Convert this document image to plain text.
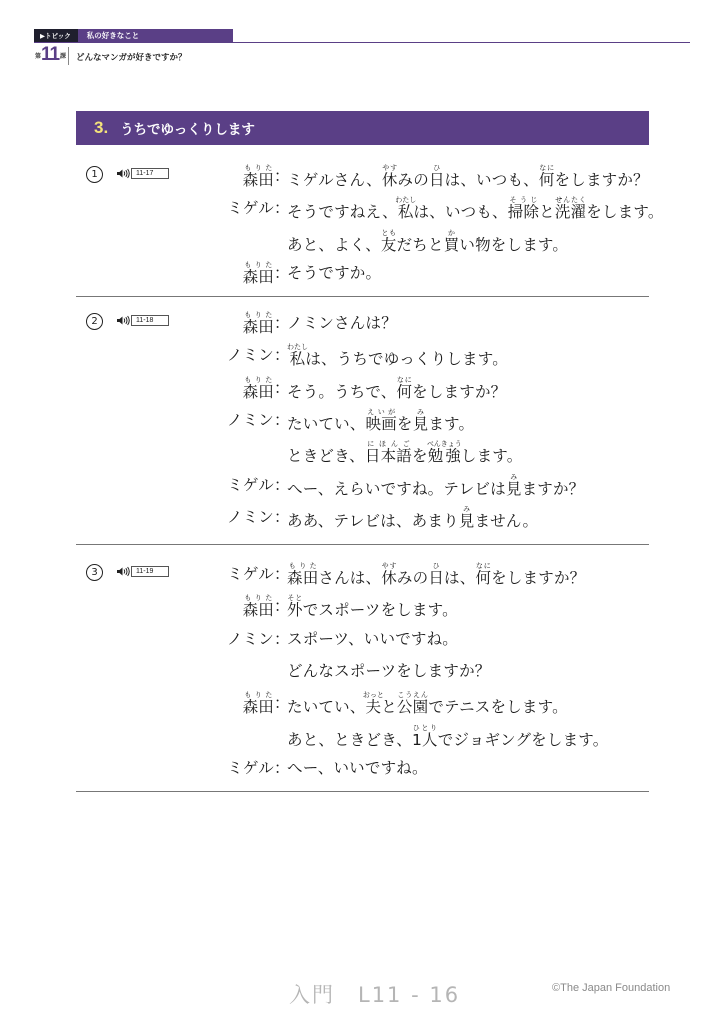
▶トピック	私の好きなこと
第 11 課 どんなマンガが好きですか？
3. うちでゆっくりします
1	11-17	森田もりた ：
ミゲルさん、休やすみの日ひは、いつも、何なにをしますか？
ミゲル ：
そうですねえ、私わたしは、いつも、掃除そうじと洗濯せんたくをします。
あと、よく、友ともだちと買かい物をします。
森田もりた ：
そうですか。
2	11-18	森田もりた ：
ノミンさんは？
ノミン ：
私わたしは、うちでゆっくりします。
森田もりた ：
そう。うちで、何なにをしますか？
ノミン ：
たいてい、映画えいがを見みます。
ときどき、日本語にほんごを勉強べんきょうします。
ミゲル ：
へー、えらいですね。テレビは見みますか？
ノミン ：
ああ、テレビは、あまり見みません。
3	11-19	ミゲル ：
森田もりたさんは、休やすみの日ひは、何なにをしますか？
森田もりた ：
外そとでスポーツをします。
ノミン ：
スポーツ、いいですね。
どんなスポーツをしますか？
森田もりた ：
たいてい、夫おっとと公園こうえんでテニスをします。
あと、ときどき、1人ひとりでジョギングをします。
ミゲル ：
へー、いいですね。
入門　L11 - 16	©The Japan Foundation
